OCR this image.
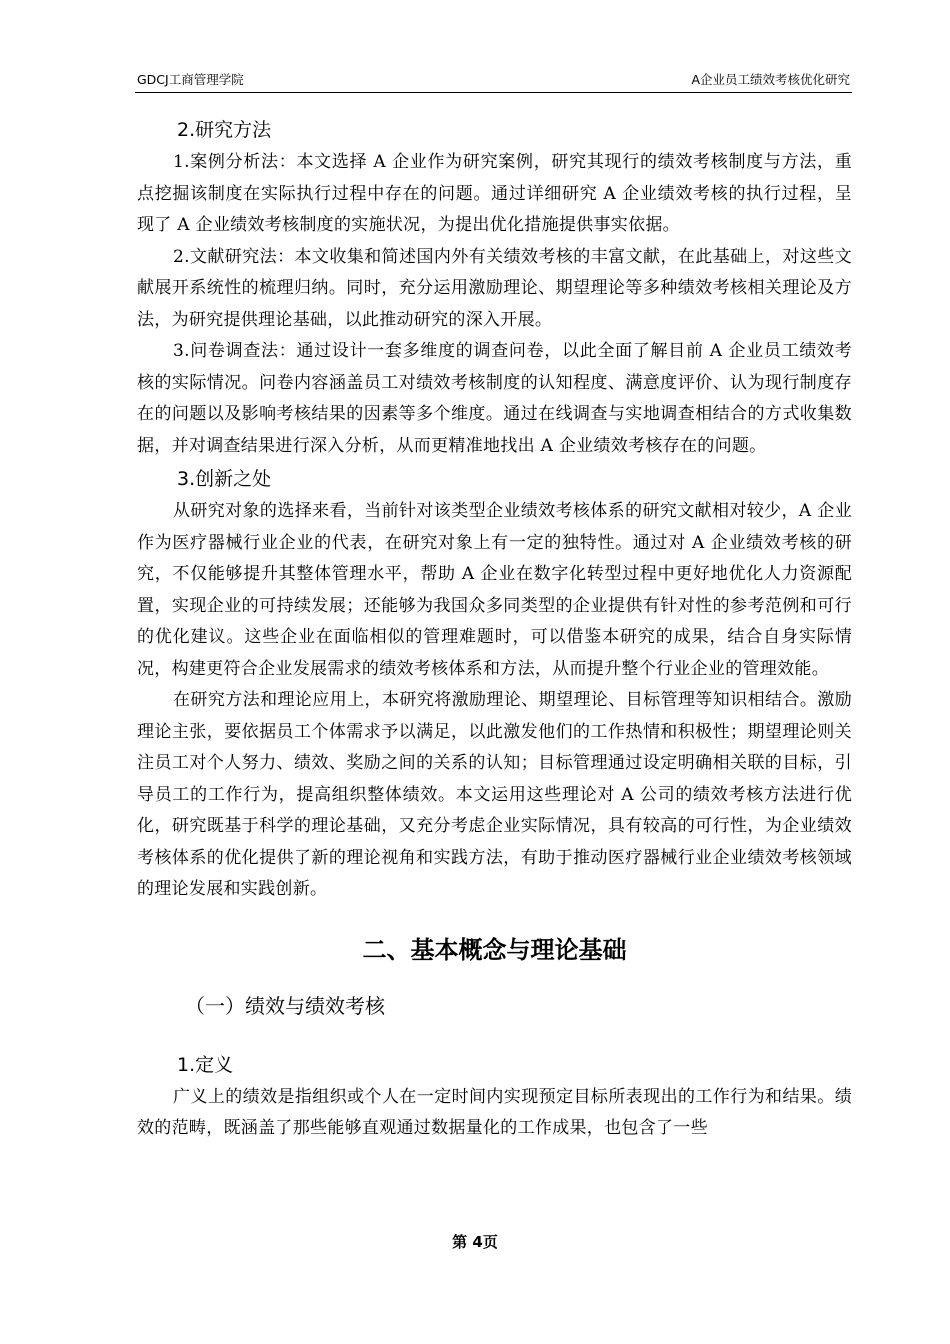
GDCJ工商管理学院	A企业员工绩效考核优化研究
2.研究方法

1.案例分析法：本文选择 A 企业作为研究案例，研究其现行的绩效考核制度与方法，重点挖掘该制度在实际执行过程中存在的问题。通过详细研究 A 企业绩效考核的执行过程，呈现了 A 企业绩效考核制度的实施状况，为提出优化措施提供事实依据。

2.文献研究法：本文收集和简述国内外有关绩效考核的丰富文献，在此基础上，对这些文献展开系统性的梳理归纳。同时，充分运用激励理论、期望理论等多种绩效考核相关理论及方法，为研究提供理论基础，以此推动研究的深入开展。

3.问卷调查法：通过设计一套多维度的调查问卷，以此全面了解目前 A 企业员工绩效考核的实际情况。问卷内容涵盖员工对绩效考核制度的认知程度、满意度评价、认为现行制度存在的问题以及影响考核结果的因素等多个维度。通过在线调查与实地调查相结合的方式收集数据，并对调查结果进行深入分析，从而更精准地找出 A 企业绩效考核存在的问题。

3.创新之处

从研究对象的选择来看，当前针对该类型企业绩效考核体系的研究文献相对较少，A 企业作为医疗器械行业企业的代表，在研究对象上有一定的独特性。通过对 A 企业绩效考核的研究，不仅能够提升其整体管理水平，帮助 A 企业在数字化转型过程中更好地优化人力资源配置，实现企业的可持续发展；还能够为我国众多同类型的企业提供有针对性的参考范例和可行的优化建议。这些企业在面临相似的管理难题时，可以借鉴本研究的成果，结合自身实际情况，构建更符合企业发展需求的绩效考核体系和方法，从而提升整个行业企业的管理效能。

在研究方法和理论应用上，本研究将激励理论、期望理论、目标管理等知识相结合。激励理论主张，要依据员工个体需求予以满足，以此激发他们的工作热情和积极性；期望理论则关注员工对个人努力、绩效、奖励之间的关系的认知；目标管理通过设定明确相关联的目标，引导员工的工作行为，提高组织整体绩效。本文运用这些理论对 A 公司的绩效考核方法进行优化，研究既基于科学的理论基础，又充分考虑企业实际情况，具有较高的可行性，为企业绩效考核体系的优化提供了新的理论视角和实践方法，有助于推动医疗器械行业企业绩效考核领域的理论发展和实践创新。

二、基本概念与理论基础
（一）绩效与绩效考核
1.定义

广义上的绩效是指组织或个人在一定时间内实现预定目标所表现出的工作行为和结果。绩效的范畴，既涵盖了那些能够直观通过数据量化的工作成果，也包含了一些

第 4页
